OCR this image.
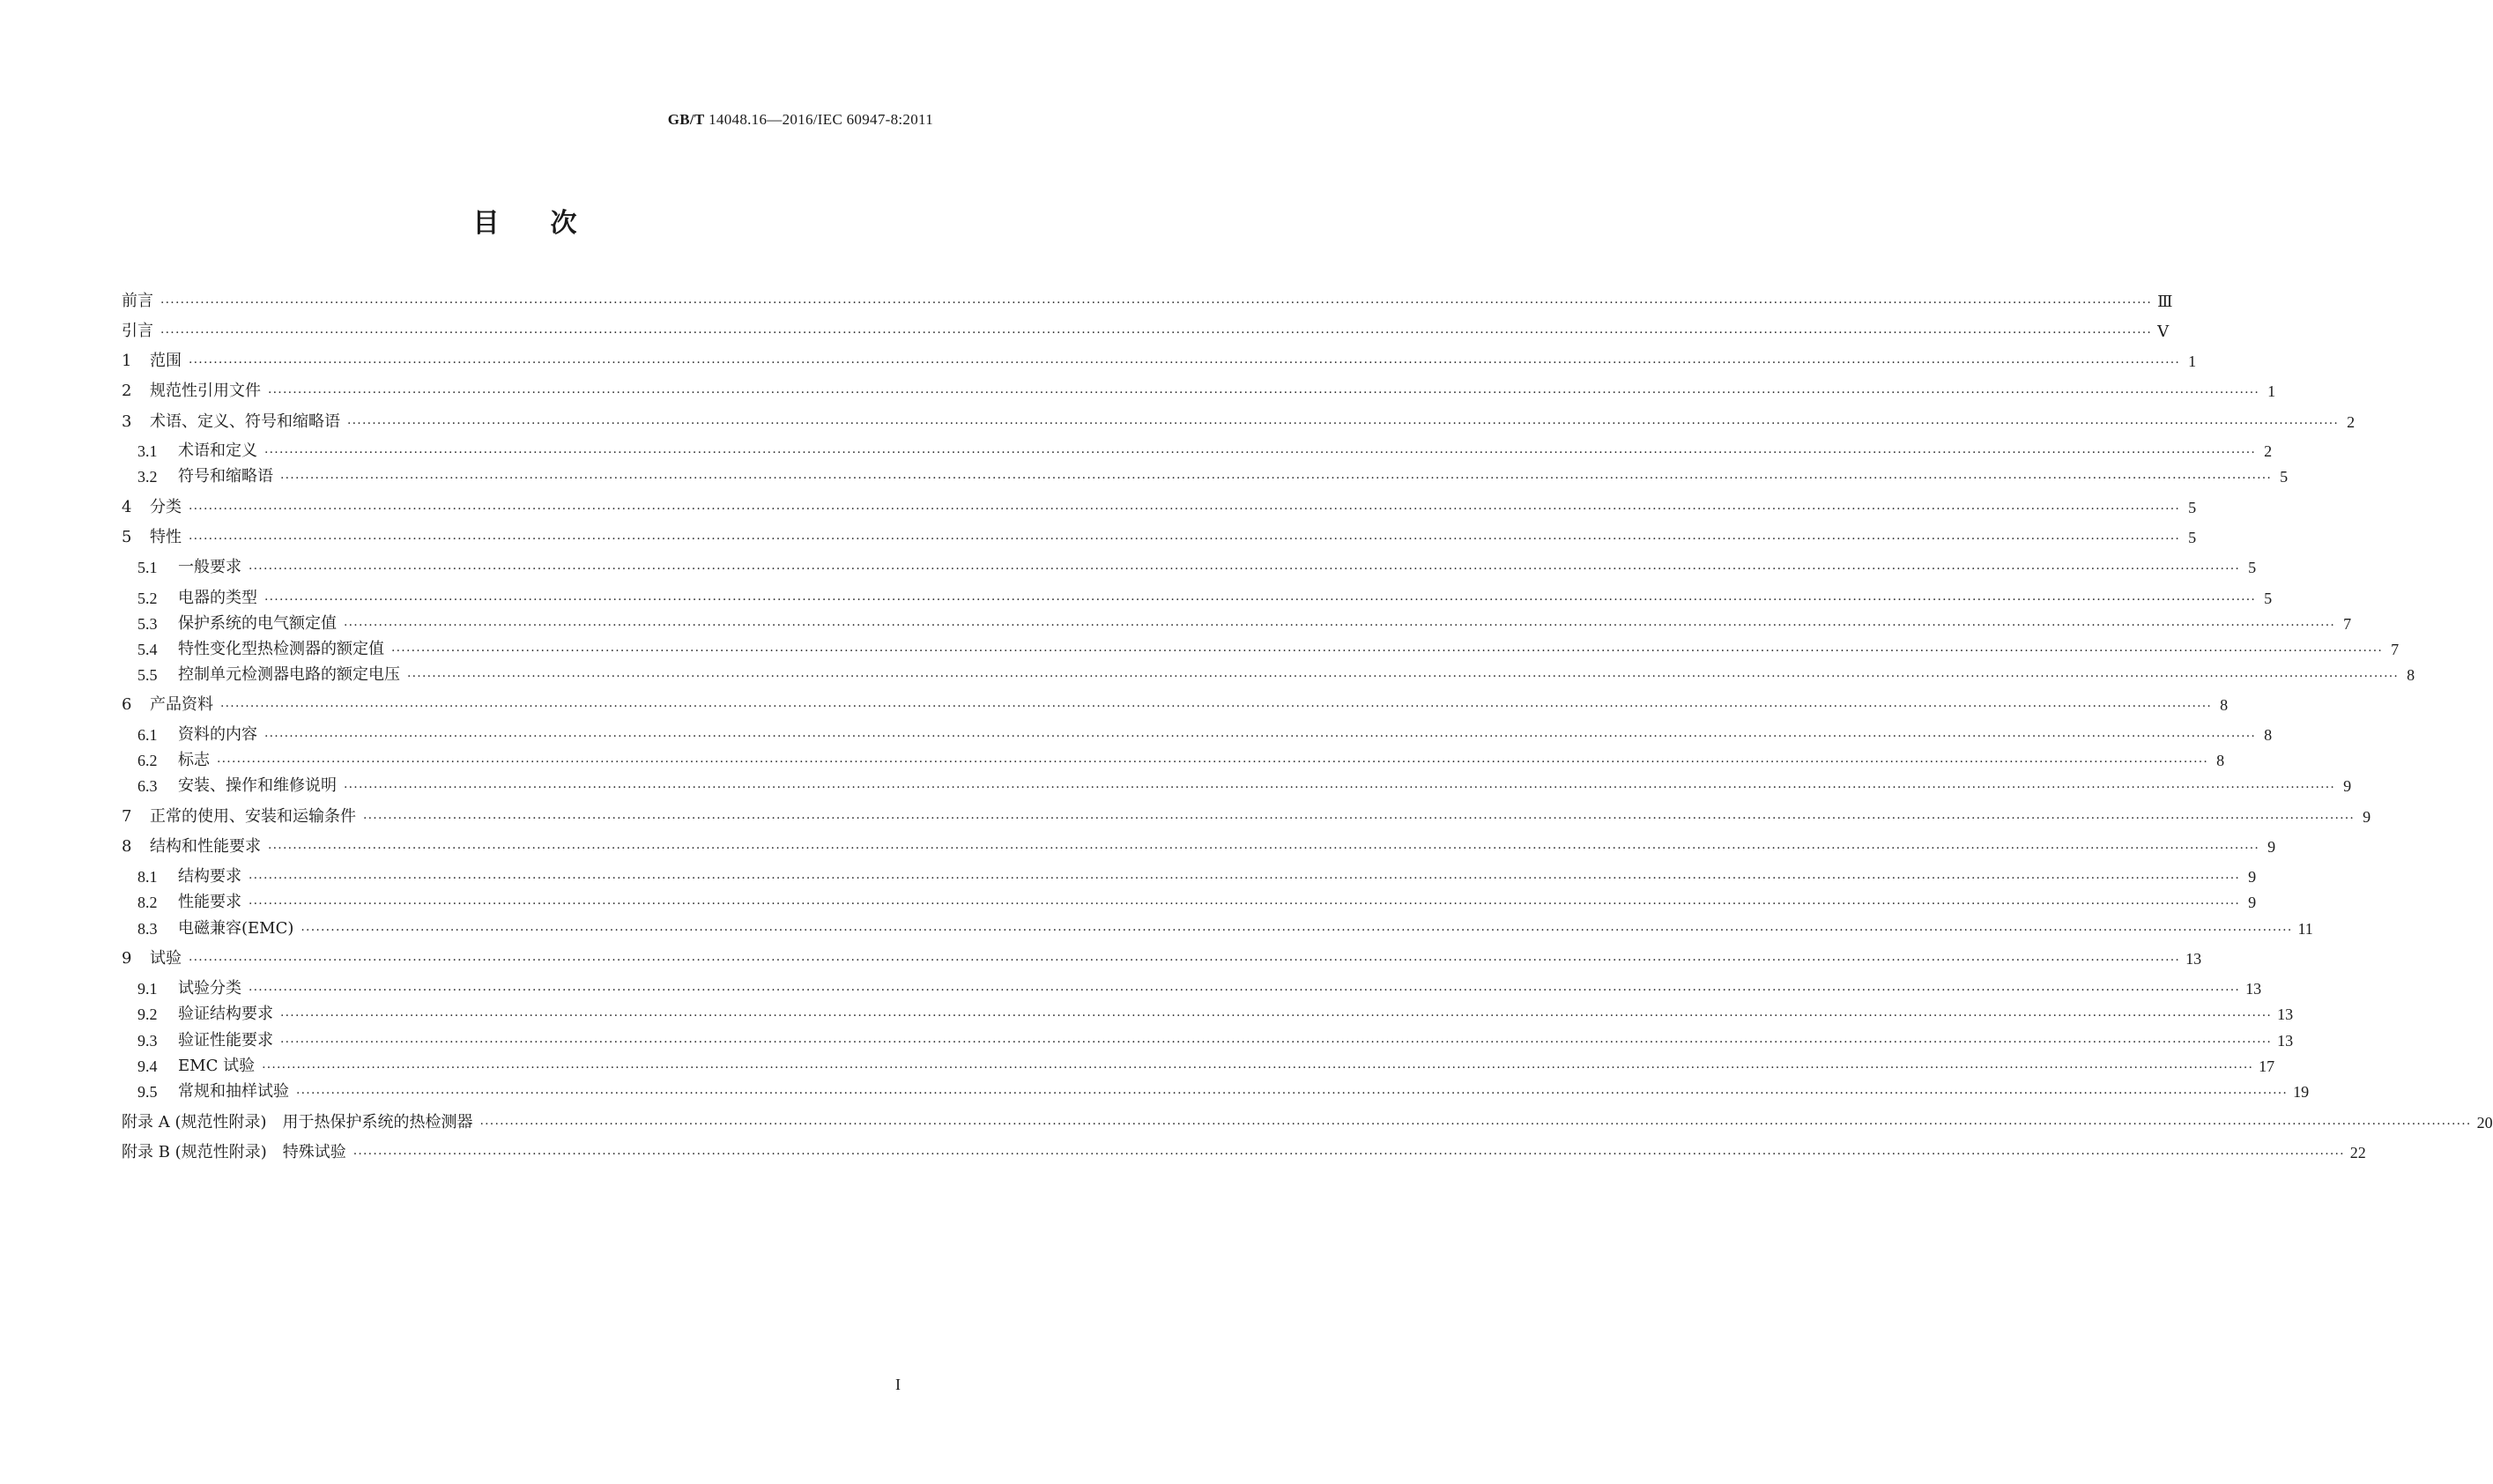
GB/T 14048.16—2016/IEC 60947-8:2011
目次
前言 ················································································································································································································································································································································································································ Ⅲ
引言 ················································································································································································································································································································································································································ Ⅴ
1	范围 ················································································································································································································································································································································································································ 1
2	规范性引用文件 ················································································································································································································································································································································································································ 1
3	术语、定义、符号和缩略语 ················································································································································································································································································································································································································ 2
3.1	术语和定义 ················································································································································································································································································································································································································ 2
3.2	符号和缩略语 ················································································································································································································································································································································································································ 5
4	分类 ················································································································································································································································································································································································································ 5
5	特性 ················································································································································································································································································································································································································ 5
5.1	一般要求 ················································································································································································································································································································································································································ 5
5.2	电器的类型 ················································································································································································································································································································································································································ 5
5.3	保护系统的电气额定值 ················································································································································································································································································································································································································ 7
5.4	特性变化型热检测器的额定值 ················································································································································································································································································································································································································ 7
5.5	控制单元检测器电路的额定电压 ················································································································································································································································································································································································································ 8
6	产品资料 ················································································································································································································································································································································································································ 8
6.1	资料的内容 ················································································································································································································································································································································································································ 8
6.2	标志 ················································································································································································································································································································································································································ 8
6.3	安装、操作和维修说明 ················································································································································································································································································································································································································ 9
7	正常的使用、安装和运输条件 ················································································································································································································································································································································································································ 9
8	结构和性能要求 ················································································································································································································································································································································································································ 9
8.1	结构要求 ················································································································································································································································································································································································································ 9
8.2	性能要求 ················································································································································································································································································································································································································ 9
8.3	电磁兼容(EMC) ················································································································································································································································································································································································································ 11
9	试验 ················································································································································································································································································································································································································ 13
9.1	试验分类 ················································································································································································································································································································································································································ 13
9.2	验证结构要求 ················································································································································································································································································································································································································ 13
9.3	验证性能要求 ················································································································································································································································································································································································································ 13
9.4	EMC 试验 ················································································································································································································································································································································································································ 17
9.5	常规和抽样试验 ················································································································································································································································································································································································································ 19
附录 A (规范性附录)　用于热保护系统的热检测器 ················································································································································································································································································································································································································ 20
附录 B (规范性附录)　特殊试验 ················································································································································································································································································································································································································ 22
I
